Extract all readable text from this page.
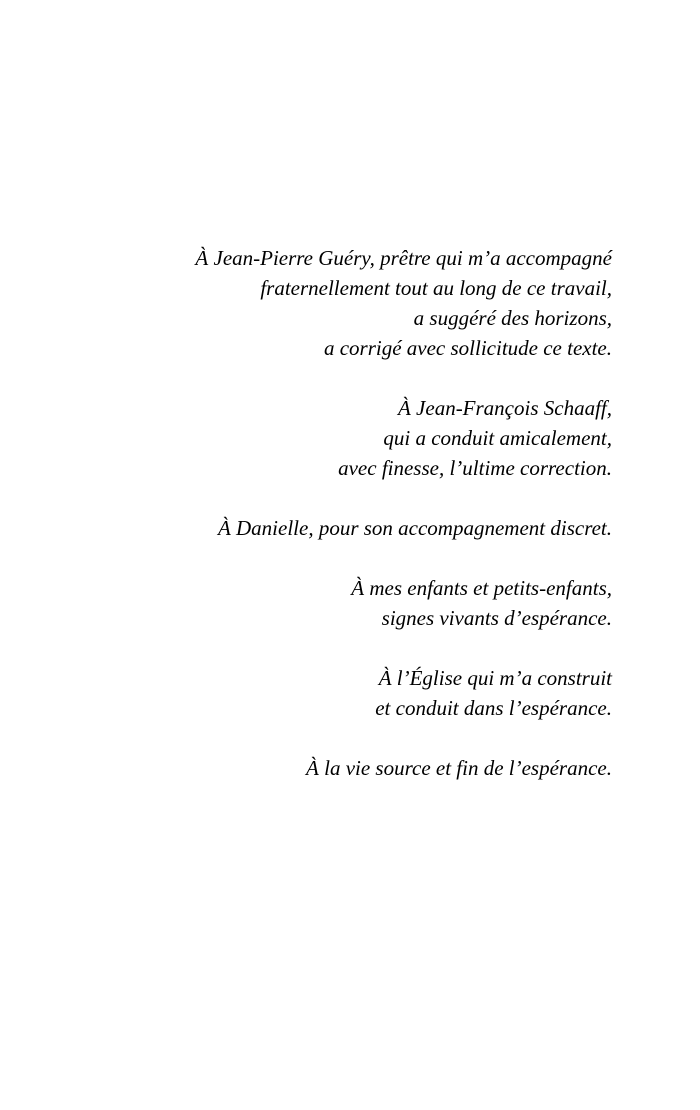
À Jean-Pierre Guéry, prêtre qui m’a accompagné
fraternellement tout au long de ce travail,
a suggéré des horizons,
a corrigé avec sollicitude ce texte.
À Jean-François Schaaff,
qui a conduit amicalement,
avec finesse, l’ultime correction.
À Danielle, pour son accompagnement discret.
À mes enfants et petits-enfants,
signes vivants d’espérance.
À l’Église qui m’a construit
et conduit dans l’espérance.
À la vie source et fin de l’espérance.
